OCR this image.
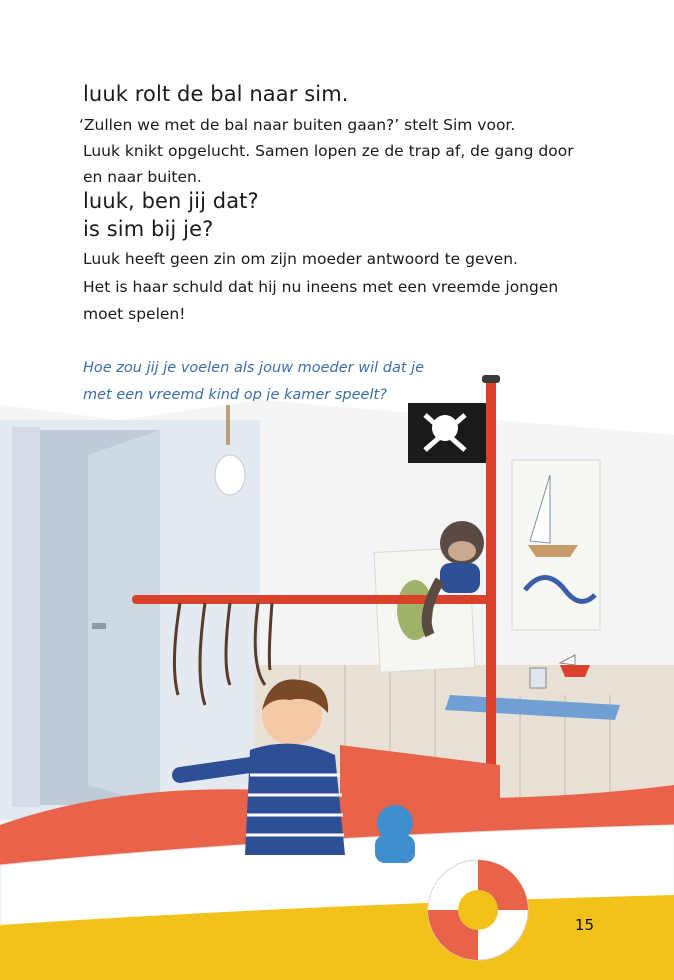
luuk rolt de bal naar sim.
‘Zullen we met de bal naar buiten gaan?’ stelt Sim voor.
Luuk knikt opgelucht. Samen lopen ze de trap af, de gang door
en naar buiten.
luuk, ben jij dat?
is sim bij je?
Luuk heeft geen zin om zijn moeder antwoord te geven.
Het is haar schuld dat hij nu ineens met een vreemde jongen
moet spelen!
Hoe zou jij je voelen als jouw moeder wil dat je
met een vreemd kind op je kamer speelt?
15
